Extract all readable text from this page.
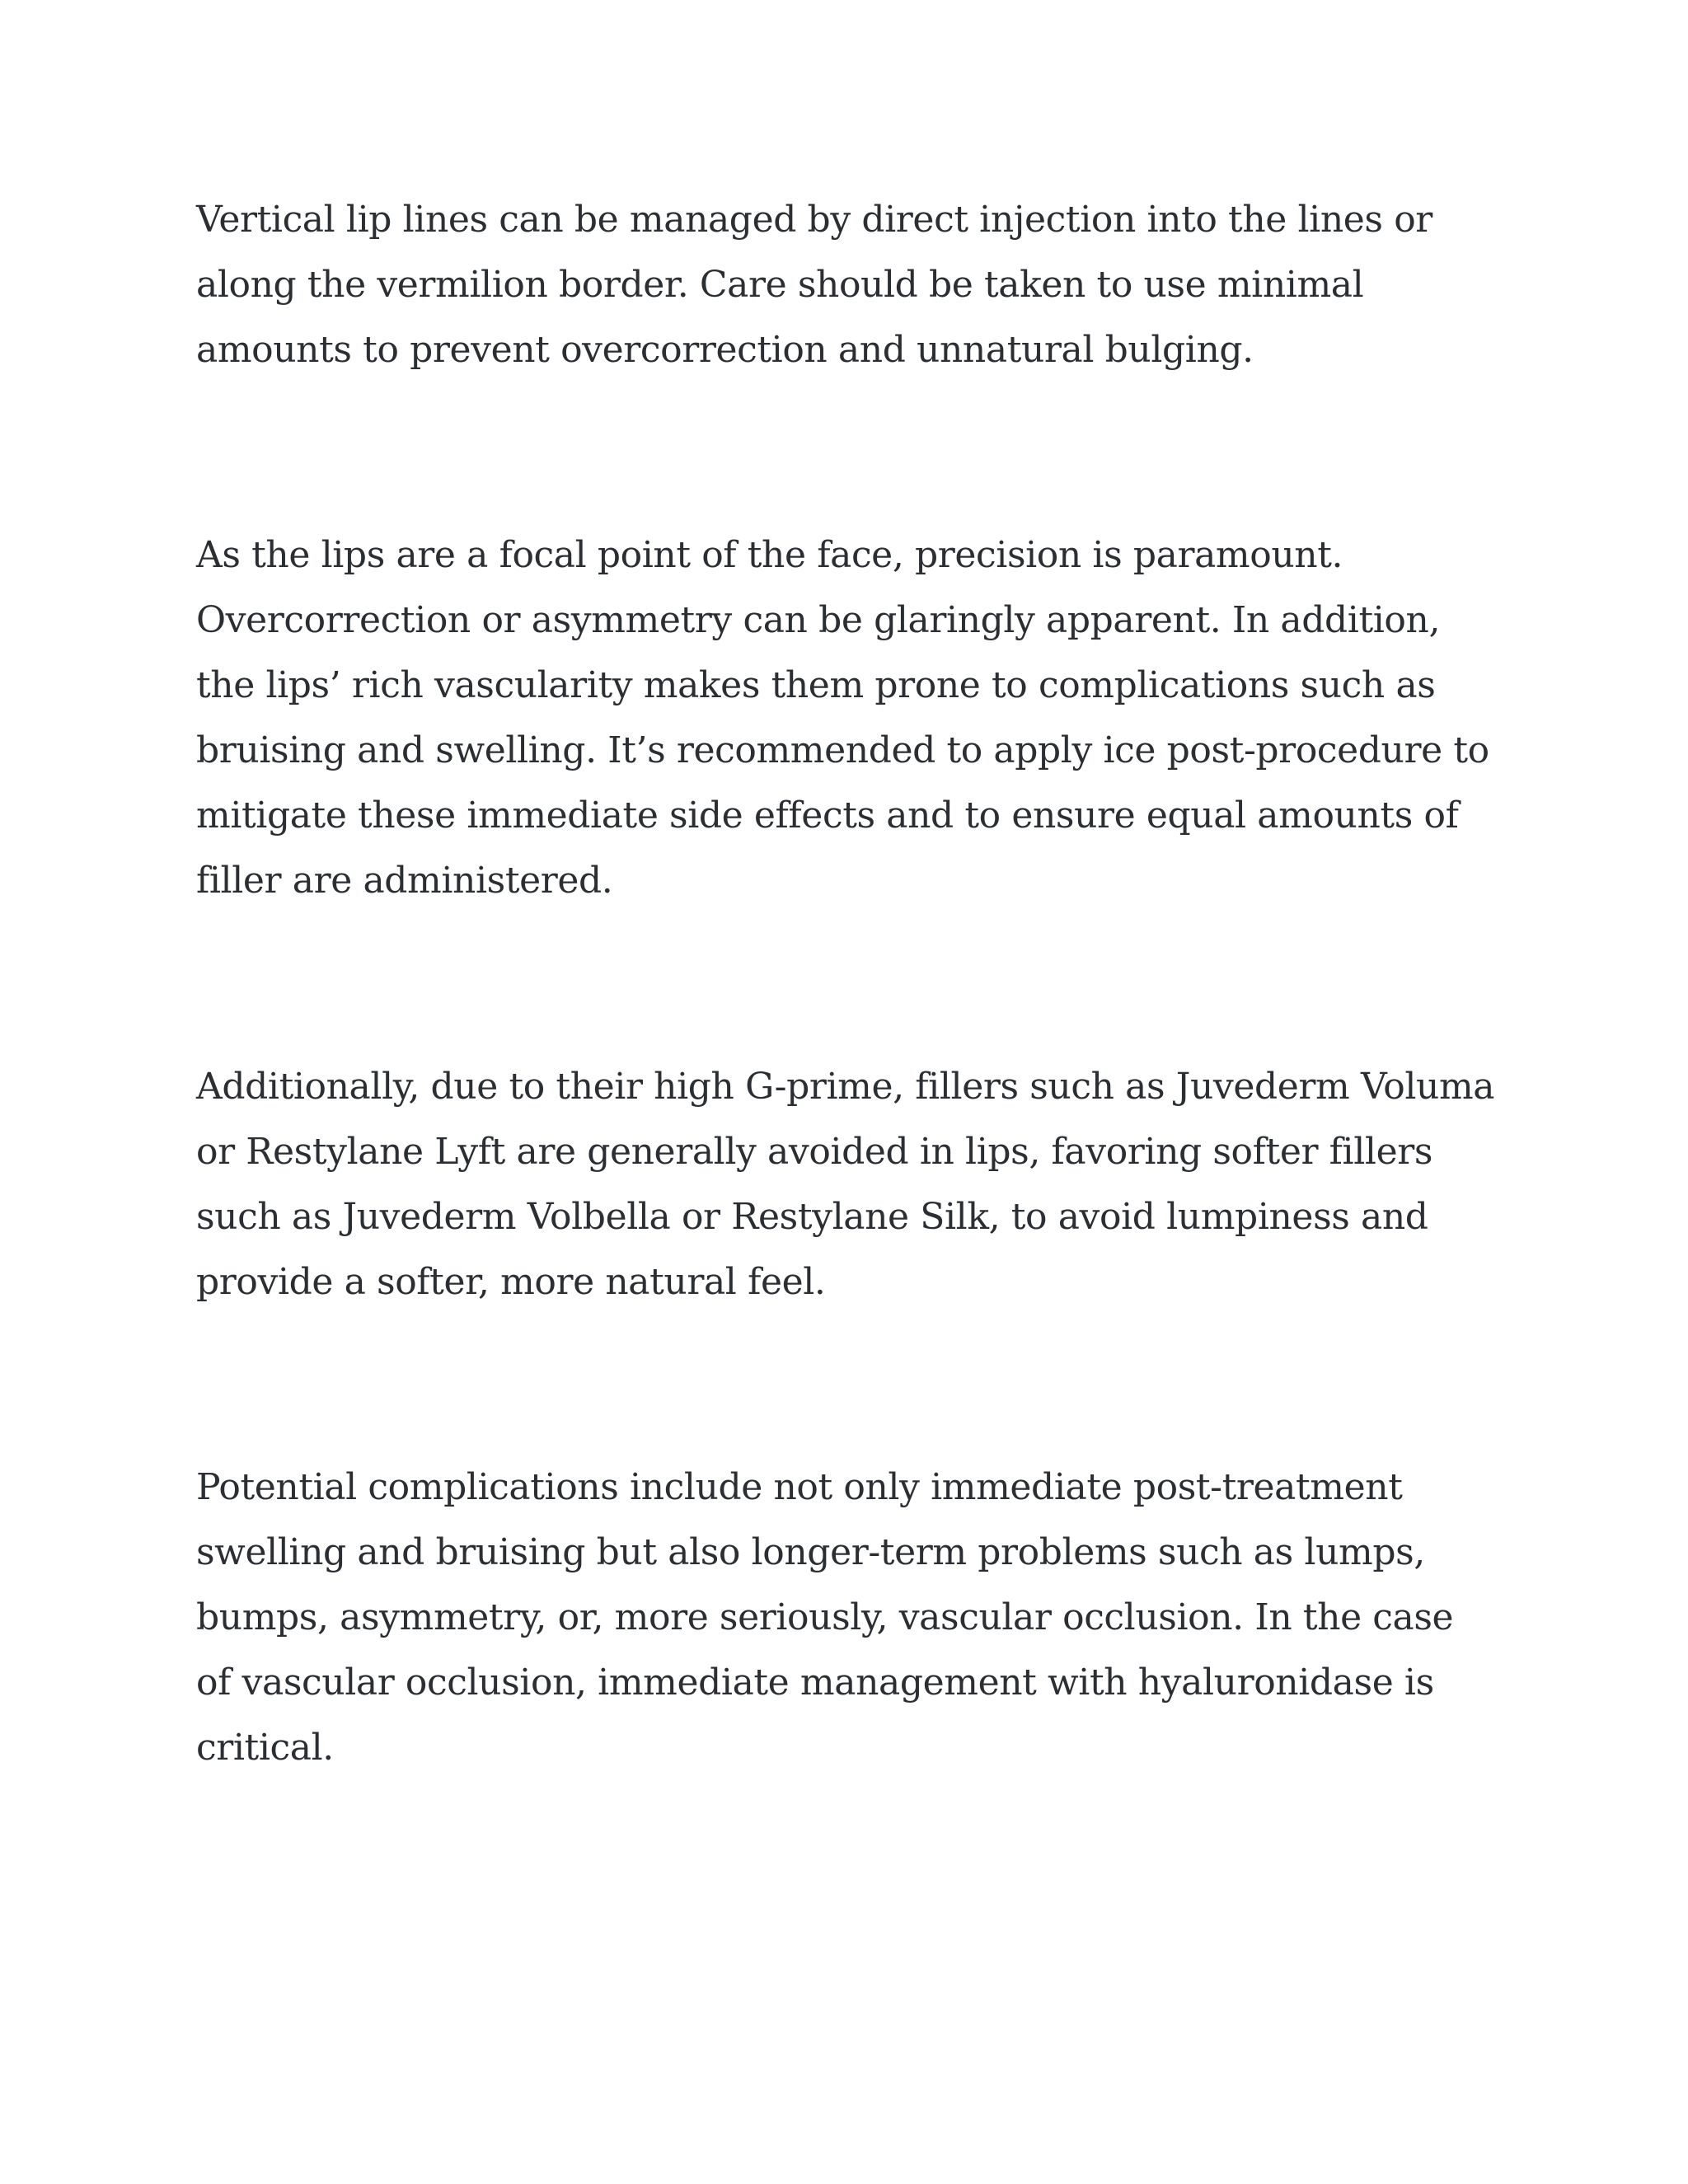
Vertical lip lines can be managed by direct injection into the lines or along the vermilion border. Care should be taken to use minimal amounts to prevent overcorrection and unnatural bulging.

As the lips are a focal point of the face, precision is paramount. Overcorrection or asymmetry can be glaringly apparent. In addition, the lips’ rich vascularity makes them prone to complications such as bruising and swelling. It’s recommended to apply ice post-procedure to mitigate these immediate side effects and to ensure equal amounts of filler are administered.

Additionally, due to their high G-prime, fillers such as Juvederm Voluma or Restylane Lyft are generally avoided in lips, favoring softer fillers such as Juvederm Volbella or Restylane Silk, to avoid lumpiness and provide a softer, more natural feel.

Potential complications include not only immediate post-treatment swelling and bruising but also longer-term problems such as lumps, bumps, asymmetry, or, more seriously, vascular occlusion. In the case of vascular occlusion, immediate management with hyaluronidase is critical.
